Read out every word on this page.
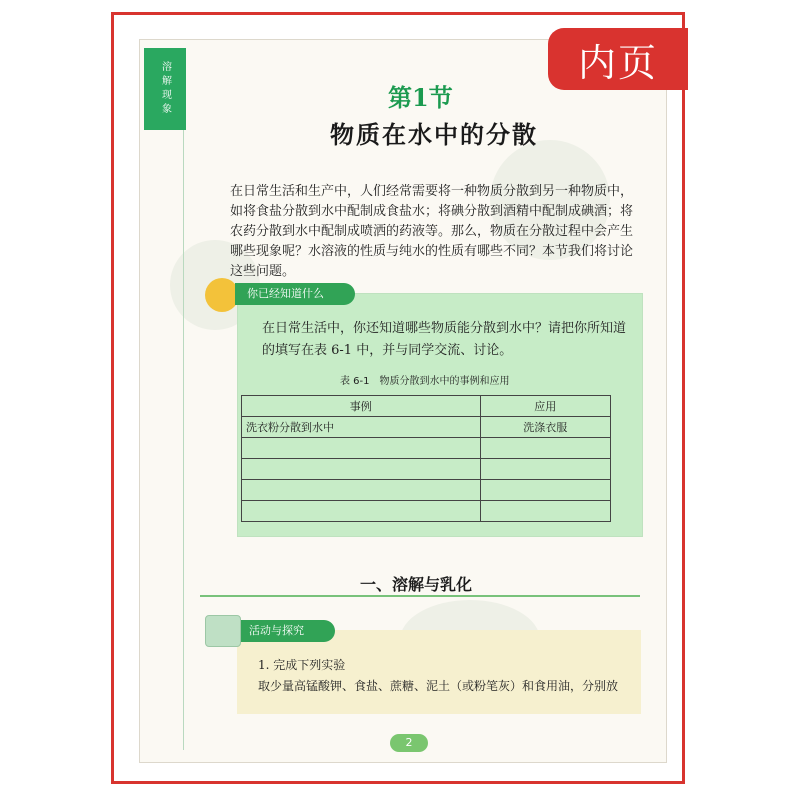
溶解现象	内页
第1节
物质在水中的分散
在日常生活和生产中，人们经常需要将一种物质分散到另一种物质中，如将食盐分散到水中配制成食盐水；将碘分散到酒精中配制成碘酒；将农药分散到水中配制成喷洒的药液等。那么，物质在分散过程中会产生哪些现象呢？水溶液的性质与纯水的性质有哪些不同？本节我们将讨论这些问题。
你已经知道什么
在日常生活中，你还知道哪些物质能分散到水中？请把你所知道的填写在表 6-1 中，并与同学交流、讨论。
表 6-1　物质分散到水中的事例和应用
事例	应用
洗衣粉分散到水中	洗涤衣服

一、溶解与乳化
活动与探究
1. 完成下列实验
取少量高锰酸钾、食盐、蔗糖、泥土（或粉笔灰）和食用油，分别放
2
